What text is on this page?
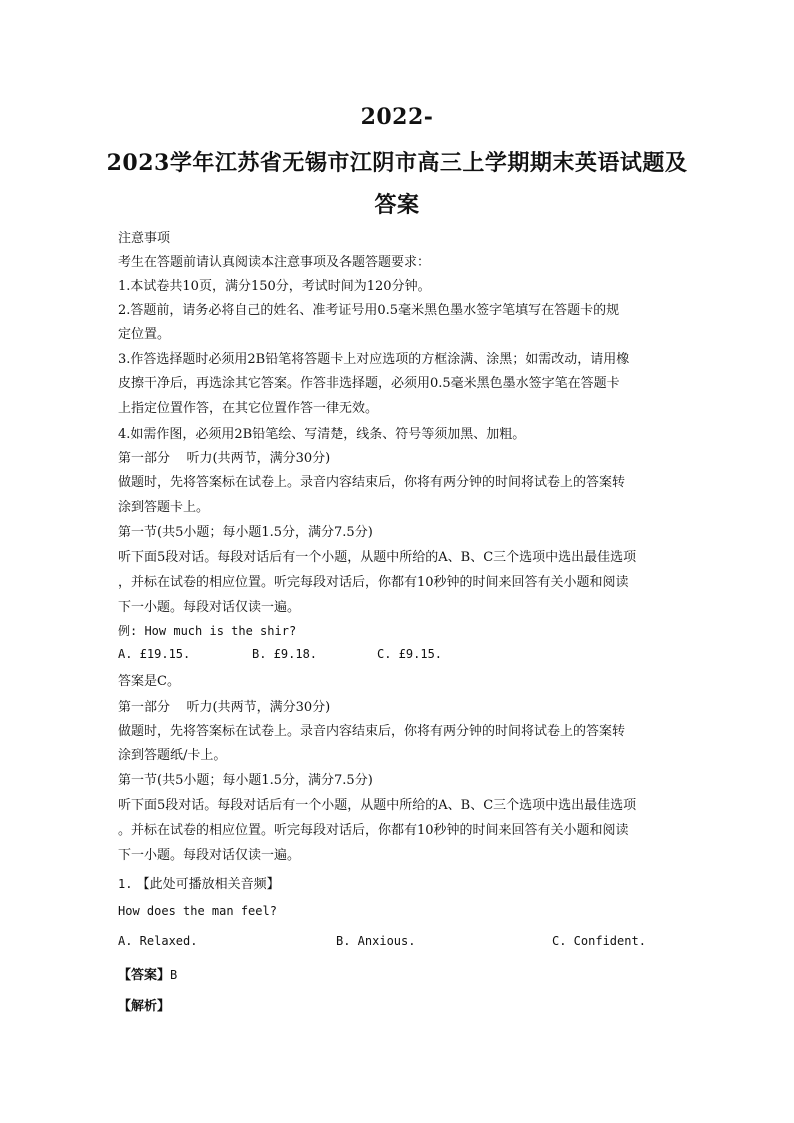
2022-
2023学年江苏省无锡市江阴市高三上学期期末英语试题及
答案
注意事项
考生在答题前请认真阅读本注意事项及各题答题要求：
1.本试卷共10页，满分150分，考试时间为120分钟。
2.答题前，请务必将自己的姓名、准考证号用0.5毫米黑色墨水签字笔填写在答题卡的规
定位置。
3.作答选择题时必须用2B铅笔将答题卡上对应选项的方框涂满、涂黑；如需改动，请用橡
皮擦干净后，再选涂其它答案。作答非选择题，必须用0.5毫米黑色墨水签字笔在答题卡
上指定位置作答，在其它位置作答一律无效。
4.如需作图，必须用2B铅笔绘、写清楚，线条、符号等须加黑、加粗。
第一部分    听力(共两节，满分30分)
做题时，先将答案标在试卷上。录音内容结束后，你将有两分钟的时间将试卷上的答案转
涂到答题卡上。
第一节(共5小题；每小题1.5分，满分7.5分)
听下面5段对话。每段对话后有一个小题，从题中所给的A、B、C三个选项中选出最佳选项
，并标在试卷的相应位置。听完每段对话后，你都有10秒钟的时间来回答有关小题和阅读
下一小题。每段对话仅读一遍。
例: How much is the shir?
A. £19.15.	B. £9.18.	C. £9.15.
答案是C。
第一部分    听力(共两节，满分30分)
做题时，先将答案标在试卷上。录音内容结束后，你将有两分钟的时间将试卷上的答案转
涂到答题纸/卡上。
第一节(共5小题；每小题1.5分，满分7.5分)
听下面5段对话。每段对话后有一个小题，从题中所给的A、B、C三个选项中选出最佳选项
。并标在试卷的相应位置。听完每段对话后，你都有10秒钟的时间来回答有关小题和阅读
下一小题。每段对话仅读一遍。
1. 【此处可播放相关音频】
How does the man feel?
A. Relaxed.	B. Anxious.	C. Confident.
【答案】B
【解析】
